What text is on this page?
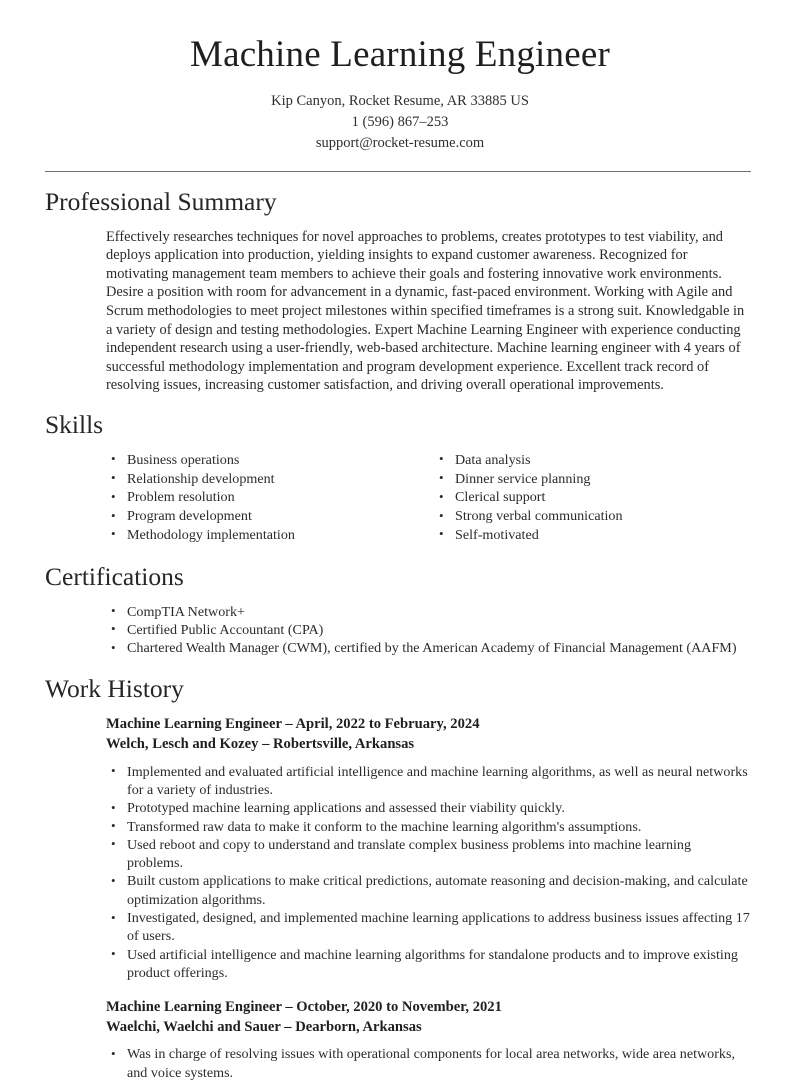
Machine Learning Engineer

Kip Canyon, Rocket Resume, AR 33885 US

1 (596) 867–253

support@rocket-resume.com

Professional Summary

Effectively researches techniques for novel approaches to problems, creates prototypes to test viability, and deploys application into production, yielding insights to expand customer awareness. Recognized for motivating management team members to achieve their goals and fostering innovative work environments. Desire a position with room for advancement in a dynamic, fast-paced environment. Working with Agile and Scrum methodologies to meet project milestones within specified timeframes is a strong suit. Knowledgable in a variety of design and testing methodologies. Expert Machine Learning Engineer with experience conducting independent research using a user-friendly, web-based architecture. Machine learning engineer with 4 years of successful methodology implementation and program development experience. Excellent track record of resolving issues, increasing customer satisfaction, and driving overall operational improvements.

Skills
• Business operations
• Relationship development
• Problem resolution
• Program development
• Methodology implementation
• Data analysis
• Dinner service planning
• Clerical support
• Strong verbal communication
• Self-motivated
Certifications
• CompTIA Network+
• Certified Public Accountant (CPA)
• Chartered Wealth Manager (CWM), certified by the American Academy of Financial Management (AAFM)
Work History
Machine Learning Engineer – April, 2022 to February, 2024
Welch, Lesch and Kozey – Robertsville, Arkansas
• Implemented and evaluated artificial intelligence and machine learning algorithms, as well as neural networks for a variety of industries.
• Prototyped machine learning applications and assessed their viability quickly.
• Transformed raw data to make it conform to the machine learning algorithm's assumptions.
• Used reboot and copy to understand and translate complex business problems into machine learning problems.
• Built custom applications to make critical predictions, automate reasoning and decision-making, and calculate optimization algorithms.
• Investigated, designed, and implemented machine learning applications to address business issues affecting 17 of users.
• Used artificial intelligence and machine learning algorithms for standalone products and to improve existing product offerings.
Machine Learning Engineer – October, 2020 to November, 2021
Waelchi, Waelchi and Sauer – Dearborn, Arkansas
• Was in charge of resolving issues with operational components for local area networks, wide area networks, and voice systems.
